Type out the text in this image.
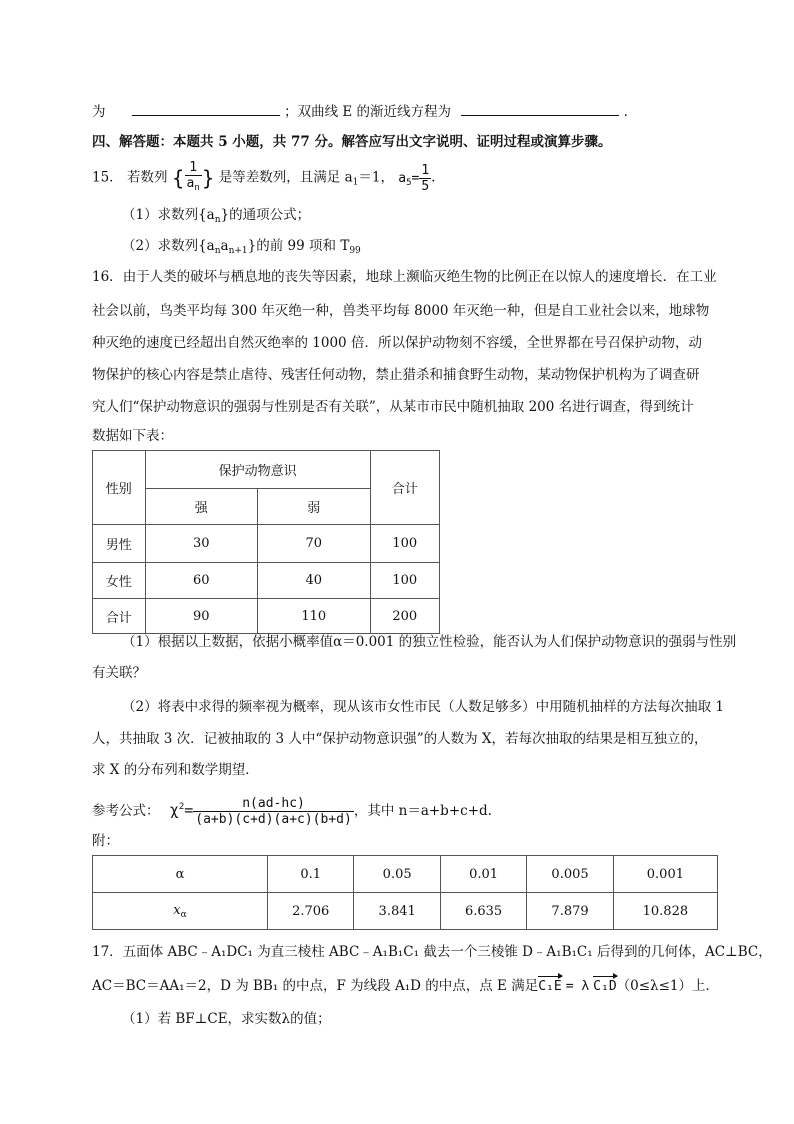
为	；双曲线 E 的渐近线方程为	.
四、解答题：本题共 5 小题，共 77 分。解答应写出文字说明、证明过程或演算步骤。
15． 若数列 { $\frac{1}{a_n}$ } 是等差数列，且满足 $a_1=1$， $a_5= \frac{1}{5}$ .
（1）求数列$\{a_n\}$的通项公式；
（2）求数列$\{a_na_{n+1}\}$的前 99 项和 $T_{99}$
16．由于人类的破坏与栖息地的丧失等因素，地球上濒临灭绝生物的比例正在以惊人的速度增长．在工业
社会以前，鸟类平均每 300 年灭绝一种，兽类平均每 8000 年灭绝一种，但是自工业社会以来，地球物
种灭绝的速度已经超出自然灭绝率的 1000 倍．所以保护动物刻不容缓，全世界都在号召保护动物，动
物保护的核心内容是禁止虐待、残害任何动物，禁止猎杀和捕食野生动物，某动物保护机构为了调查研
究人们“保护动物意识的强弱与性别是否有关联”，从某市市民中随机抽取 200 名进行调查，得到统计
数据如下表：
性别	保护动物意识		合计
	强	弱	
男性	30	70	100
女性	60	40	100
合计	90	110	200
（1）根据以上数据，依据小概率值α＝0.001 的独立性检验，能否认为人们保护动物意识的强弱与性别
有关联？
（2）将表中求得的频率视为概率，现从该市女性市民（人数足够多）中用随机抽样的方法每次抽取 1
人，共抽取 3 次．记被抽取的 3 人中“保护动物意识强”的人数为 X，若每次抽取的结果是相互独立的，
求 X 的分布列和数学期望．
参考公式： $\chi^2= \frac{n(ad-hc)}{(a+b)(c+d)(a+c)(b+d)}$ ，其中 n＝a+b+c+d.
附：
α	0.1	0.05	0.01	0.005	0.001
$x_\alpha$	2.706	3.841	6.635	7.879	10.828
17．五面体 ABC﹣A₁DC₁ 为直三棱柱 ABC﹣A₁B₁C₁ 截去一个三棱锥 D﹣A₁B₁C₁ 后得到的几何体，AC⊥BC，
AC＝BC＝AA₁＝2，D 为 BB₁ 的中点，F 为线段 A₁D 的中点，点 E 满足C₁E = λ C₁D（0≤λ≤1）上．
（1）若 BF⊥CE，求实数λ的值；
